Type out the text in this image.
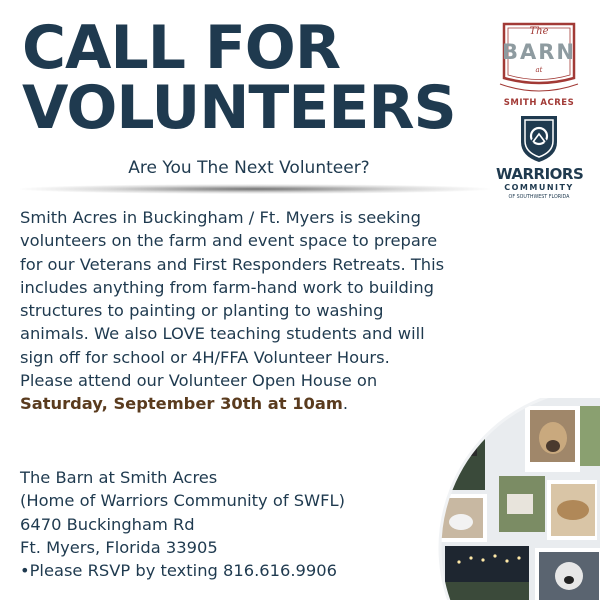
CALL FOR
VOLUNTEERS
Are You The Next Volunteer?

Smith Acres in Buckingham / Ft. Myers is seeking
volunteers on the farm and event space to prepare
for our Veterans and First Responders Retreats. This
includes anything from farm-hand work to building
structures to painting or planting to washing
animals. We also LOVE teaching students and will
sign off for school or 4H/FFA Volunteer Hours.
Please attend our Volunteer Open House on
Saturday, September 30th at 10am.

The Barn at Smith Acres
(Home of Warriors Community of SWFL)
6470 Buckingham Rd
Ft. Myers, Florida 33905
•Please RSVP by texting 816.616.9906
The
BARN
at
SMITH ACRES
WARRIORS
COMMUNITY
OF SOUTHWEST FLORIDA
